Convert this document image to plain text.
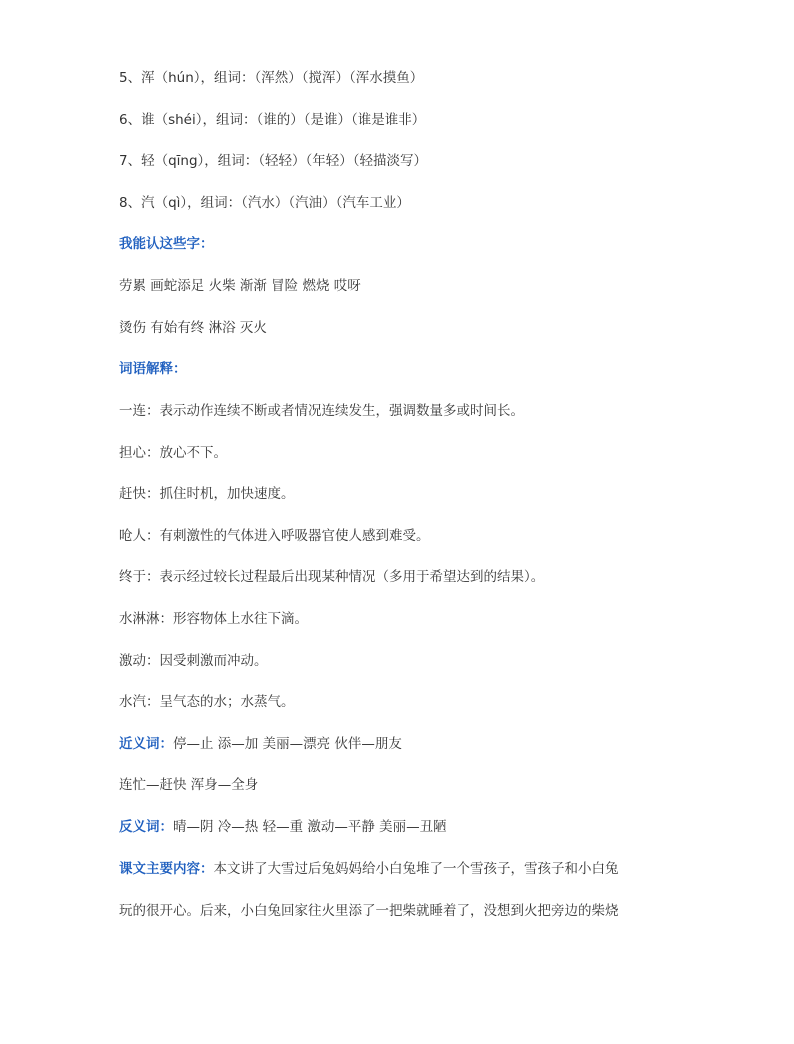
5、浑（hún），组词：（浑然）（搅浑）（浑水摸鱼）
6、谁（shéi），组词：（谁的）（是谁）（谁是谁非）
7、轻（qīng），组词：（轻轻）（年轻）（轻描淡写）
8、汽（qì），组词：（汽水）（汽油）（汽车工业）
我能认这些字：
劳累 画蛇添足 火柴 渐渐 冒险 燃烧 哎呀
烫伤 有始有终 淋浴 灭火
词语解释：
一连：表示动作连续不断或者情况连续发生，强调数量多或时间长。
担心：放心不下。
赶快：抓住时机，加快速度。
呛人：有刺激性的气体进入呼吸器官使人感到难受。
终于：表示经过较长过程最后出现某种情况（多用于希望达到的结果）。
水淋淋：形容物体上水往下滴。
激动：因受刺激而冲动。
水汽：呈气态的水；水蒸气。
近义词：停—止 添—加 美丽—漂亮 伙伴—朋友
连忙—赶快 浑身—全身
反义词：晴—阴 冷—热 轻—重 激动—平静 美丽—丑陋
课文主要内容：本文讲了大雪过后兔妈妈给小白兔堆了一个雪孩子，雪孩子和小白兔
玩的很开心。后来，小白兔回家往火里添了一把柴就睡着了，没想到火把旁边的柴烧
